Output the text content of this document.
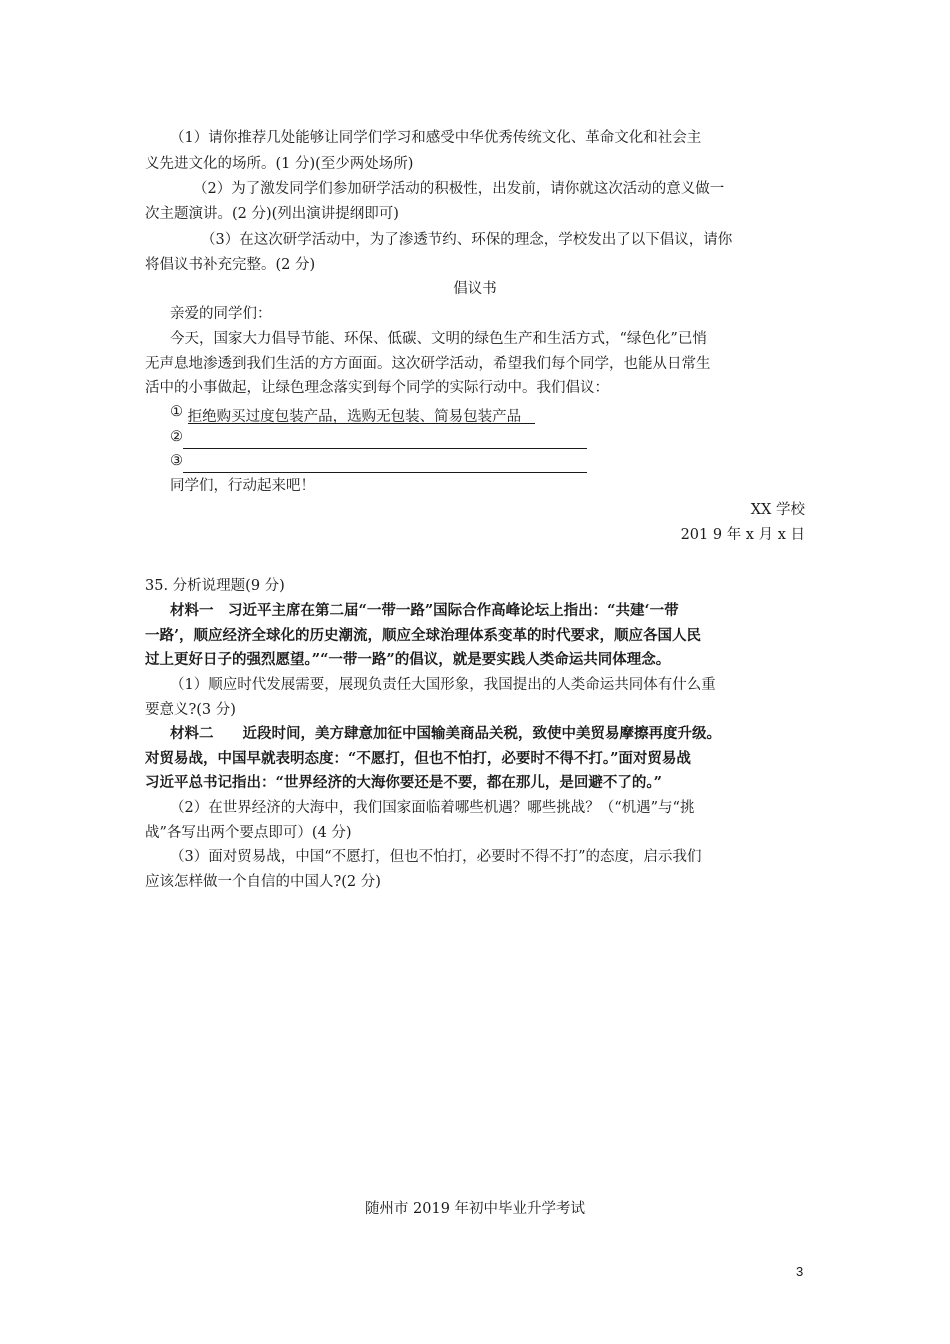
（1）请你推荐几处能够让同学们学习和感受中华优秀传统文化、革命文化和社会主

义先进文化的场所。(1 分)(至少两处场所)

（2）为了激发同学们参加研学活动的积极性，出发前，请你就这次活动的意义做一

次主题演讲。(2 分)(列出演讲提纲即可)

（3）在这次研学活动中，为了渗透节约、环保的理念，学校发出了以下倡议，请你

将倡议书补充完整。(2 分)

倡议书

亲爱的同学们：

今天，国家大力倡导节能、环保、低碳、文明的绿色生产和生活方式，“绿色化”已悄

无声息地渗透到我们生活的方方面面。这次研学活动，希望我们每个同学，也能从日常生

活中的小事做起，让绿色理念落实到每个同学的实际行动中。我们倡议：

① 拒绝购买过度包装产品，选购无包装、简易包装产品

②

③

同学们，行动起来吧！

XX 学校

201 9 年 x 月 x 日

35. 分析说理题(9 分)

材料一　习近平主席在第二届“一带一路”国际合作高峰论坛上指出：“共建‘一带

一路’，顺应经济全球化的历史潮流，顺应全球治理体系变革的时代要求，顺应各国人民

过上更好日子的强烈愿望。”“一带一路”的倡议，就是要实践人类命运共同体理念。

（1）顺应时代发展需要，展现负责任大国形象，我国提出的人类命运共同体有什么重

要意义?(3 分)

材料二　　近段时间，美方肆意加征中国输美商品关税，致使中美贸易摩擦再度升级。

对贸易战，中国早就表明态度：“不愿打，但也不怕打，必要时不得不打。”面对贸易战

习近平总书记指出：“世界经济的大海你要还是不要，都在那儿，是回避不了的。”

（2）在世界经济的大海中，我们国家面临着哪些机遇？哪些挑战？（“机遇”与“挑

战”各写出两个要点即可）(4 分)

（3）面对贸易战，中国“不愿打，但也不怕打，必要时不得不打”的态度，启示我们

应该怎样做一个自信的中国人?(2 分)

随州市 2019 年初中毕业升学考试

3
